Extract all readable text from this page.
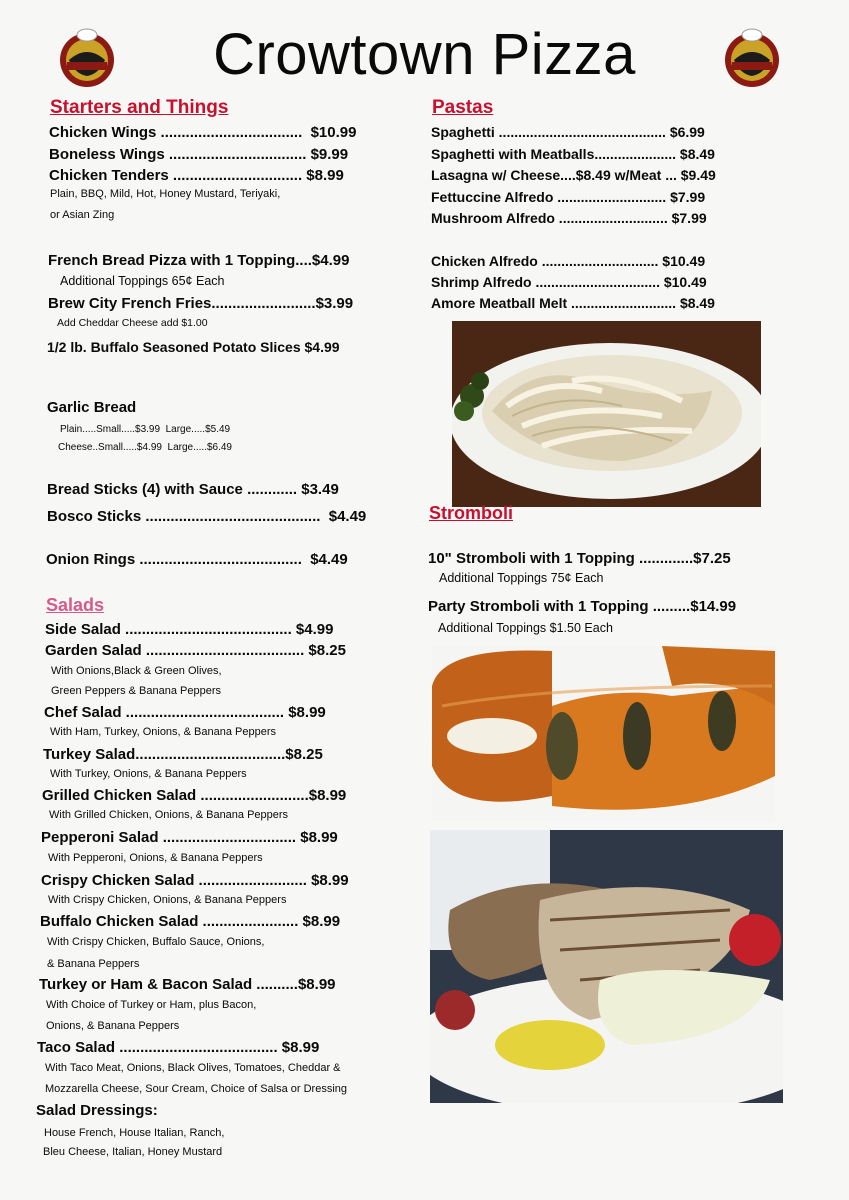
Crowtown Pizza
Starters and Things
Chicken Wings ..................................  $10.99
Boneless Wings ................................. $9.99
Chicken Tenders ............................... $8.99
Plain, BBQ, Mild, Hot, Honey Mustard, Teriyaki,
or Asian Zing
French Bread Pizza with 1 Topping....$4.99
Additional Toppings 65¢ Each
Brew City French Fries.........................$3.99
Add Cheddar Cheese add $1.00
1/2 lb. Buffalo Seasoned Potato Slices $4.99
Garlic Bread
Plain.....Small.....$3.99  Large.....$5.49
Cheese..Small.....$4.99  Large.....$6.49
Bread Sticks (4) with Sauce ............ $3.49
Bosco Sticks ..........................................  $4.49
Onion Rings .......................................  $4.49
Salads
Side Salad ........................................ $4.99
Garden Salad ...................................... $8.25
With Onions,Black & Green Olives,
Green Peppers & Banana Peppers
Chef Salad ...................................... $8.99
With Ham, Turkey, Onions, & Banana Peppers
Turkey Salad....................................$8.25
With Turkey, Onions, & Banana Peppers
Grilled Chicken Salad ..........................$8.99
With Grilled Chicken, Onions, & Banana Peppers
Pepperoni Salad ................................ $8.99
With Pepperoni, Onions, & Banana Peppers
Crispy Chicken Salad .......................... $8.99
With Crispy Chicken, Onions, & Banana Peppers
Buffalo Chicken Salad ....................... $8.99
With Crispy Chicken, Buffalo Sauce, Onions,
& Banana Peppers
Turkey or Ham & Bacon Salad ..........$8.99
With Choice of Turkey or Ham, plus Bacon,
Onions, & Banana Peppers
Taco Salad ...................................... $8.99
With Taco Meat, Onions, Black Olives, Tomatoes, Cheddar &
Mozzarella Cheese, Sour Cream, Choice of Salsa or Dressing
Salad Dressings:
House French, House Italian, Ranch,
Bleu Cheese, Italian, Honey Mustard
Pastas
Spaghetti ........................................... $6.99
Spaghetti with Meatballs..................... $8.49
Lasagna w/ Cheese....$8.49 w/Meat ... $9.49
Fettuccine Alfredo ............................ $7.99
Mushroom Alfredo ............................ $7.99
Chicken Alfredo .............................. $10.49
Shrimp Alfredo ................................ $10.49
Amore Meatball Melt ........................... $8.49
Stromboli
10" Stromboli with 1 Topping .............$7.25
Additional Toppings 75¢ Each
Party Stromboli with 1 Topping .........$14.99
Additional Toppings $1.50 Each
